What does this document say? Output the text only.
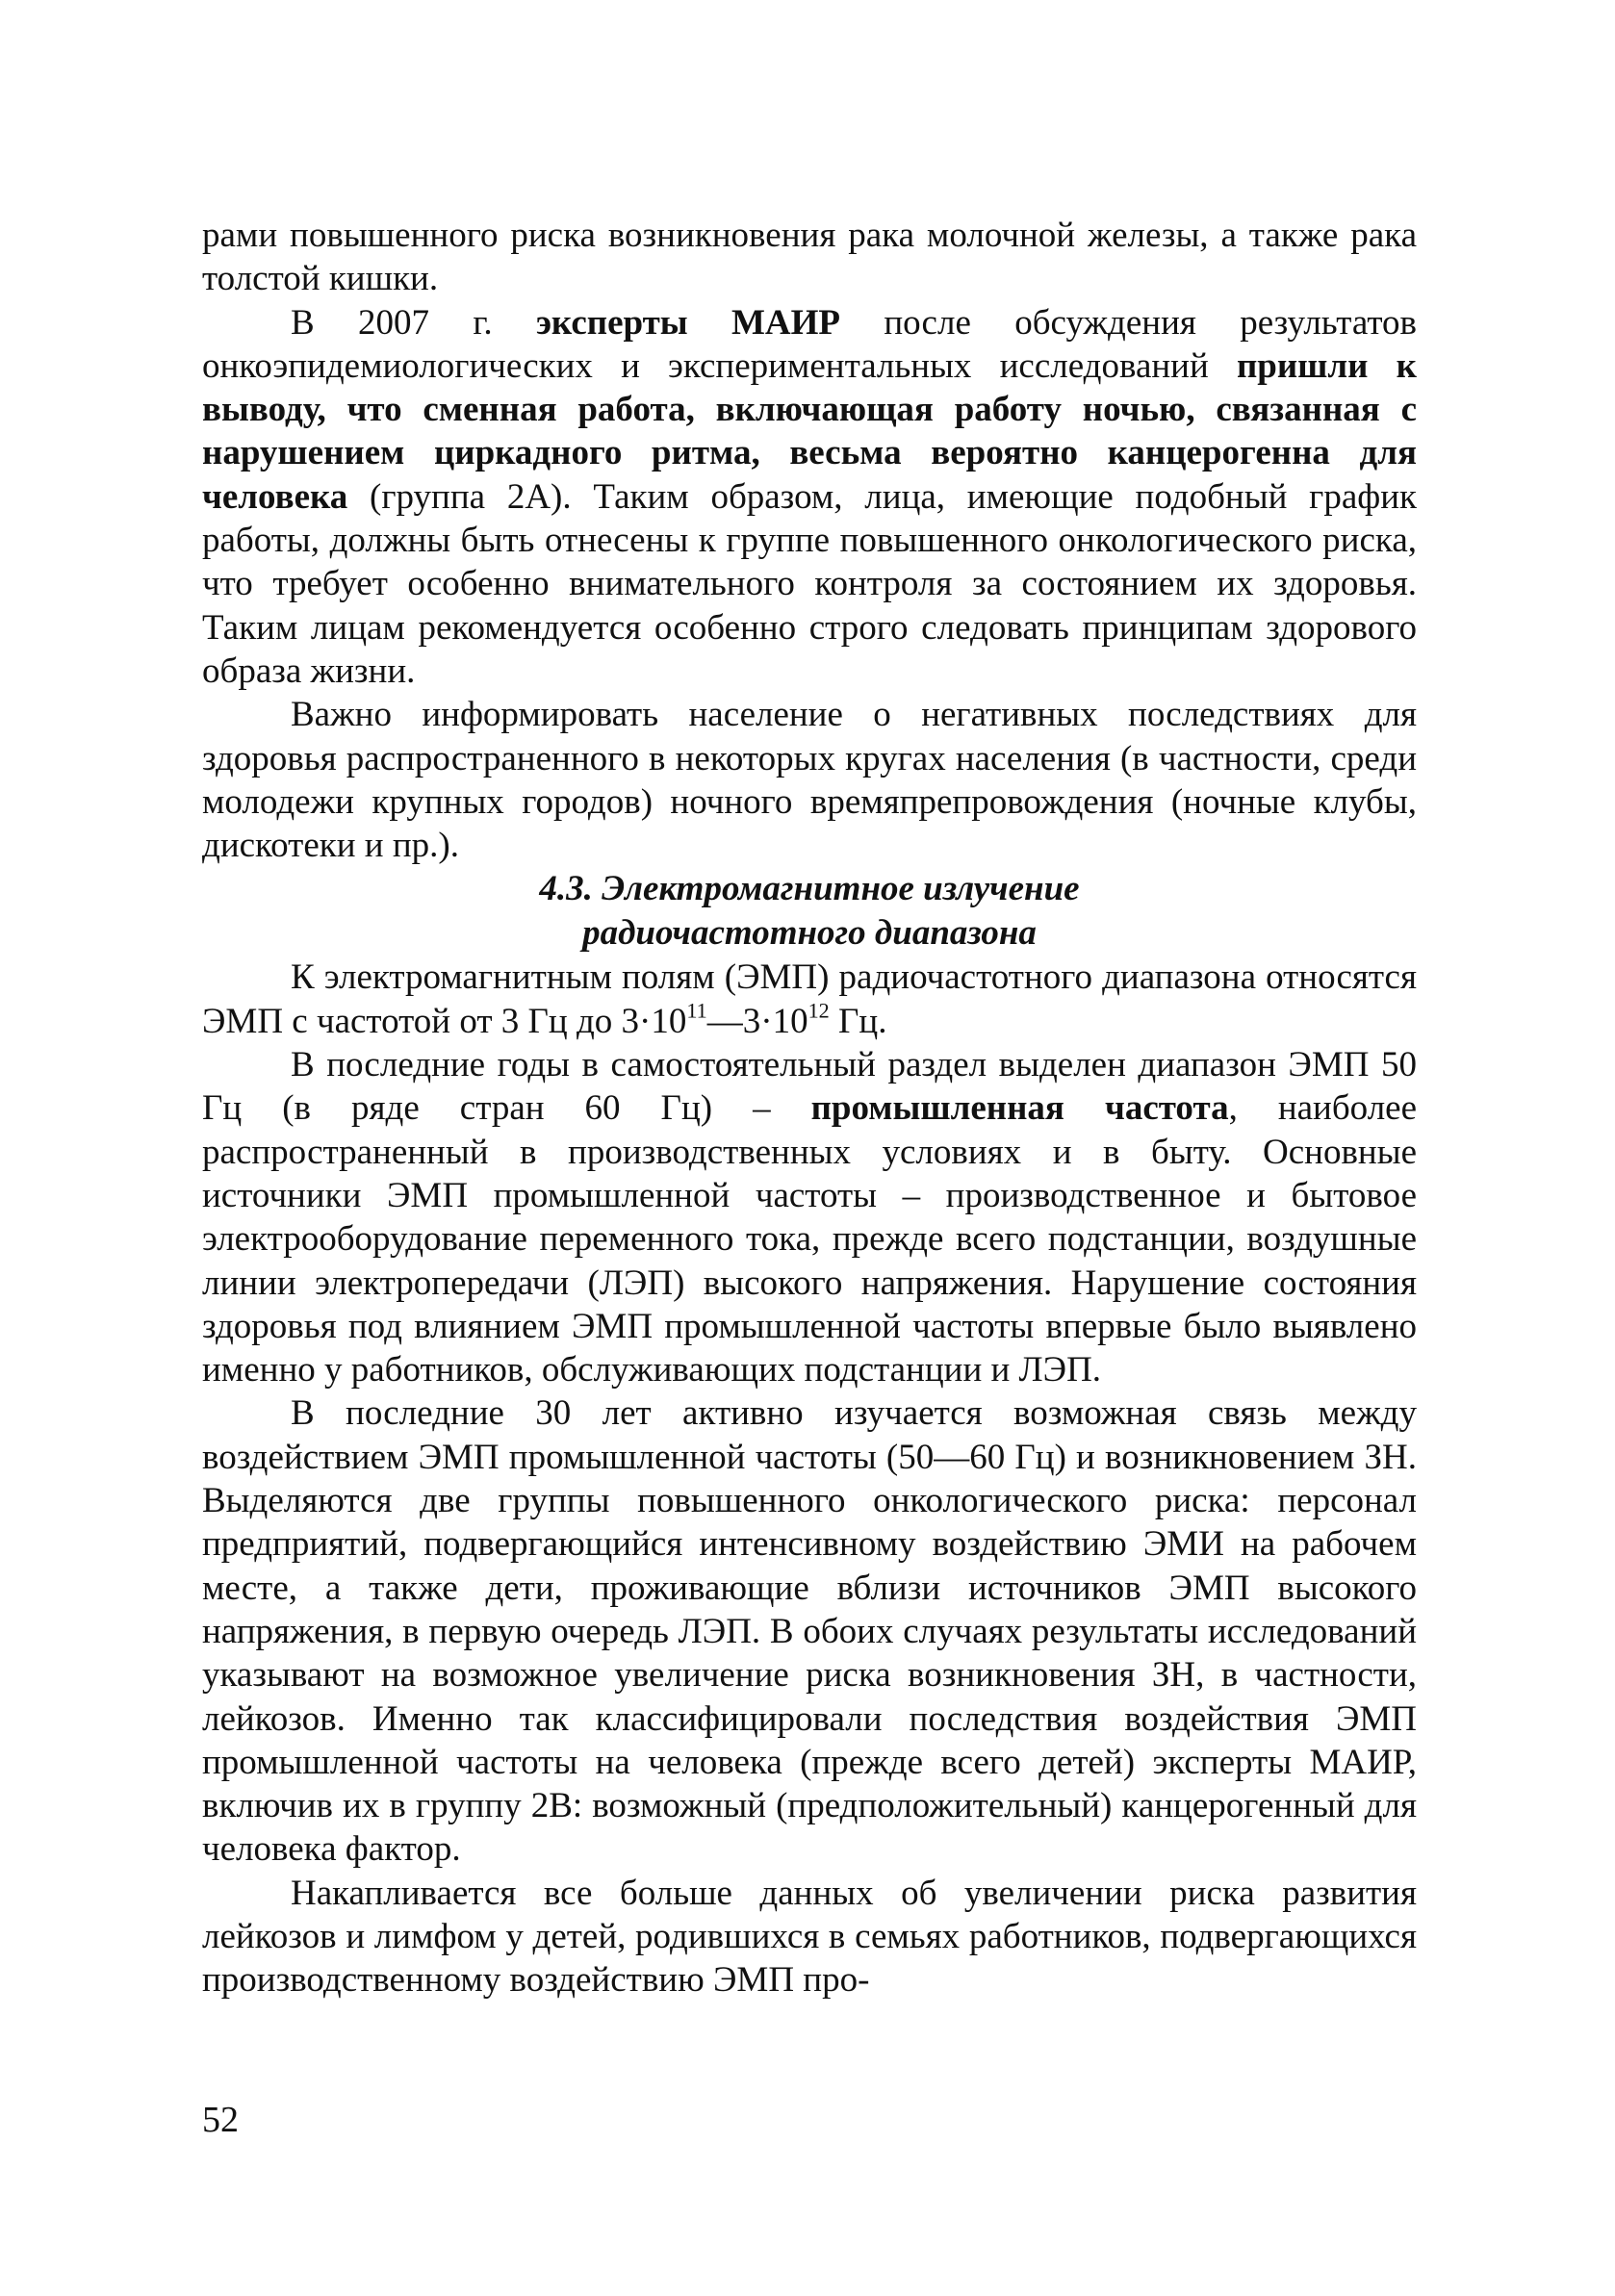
рами повышенного риска возникновения рака молочной железы, а также рака толстой кишки.

В 2007 г. эксперты МАИР после обсуждения результатов онкоэпидемиологических и экспериментальных исследований пришли к выводу, что сменная работа, включающая работу ночью, связанная с нарушением циркадного ритма, весьма вероятно канцерогенна для человека (группа 2А). Таким образом, лица, имеющие подобный график работы, должны быть отнесены к группе повышенного онкологического риска, что требует особенно внимательного контроля за состоянием их здоровья. Таким лицам рекомендуется особенно строго следовать принципам здорового образа жизни.

Важно информировать население о негативных последствиях для здоровья распространенного в некоторых кругах населения (в частности, среди молодежи крупных городов) ночного времяпрепровождения (ночные клубы, дискотеки и пр.).

4.3. Электромагнитное излучение
радиочастотного диапазона

К электромагнитным полям (ЭМП) радиочастотного диапазона относятся ЭМП с частотой от 3 Гц до $3\cdot 10^{11}—3\cdot 10^{12}$ Гц.

В последние годы в самостоятельный раздел выделен диапазон ЭМП 50 Гц (в ряде стран 60 Гц) – промышленная частота, наиболее распространенный в производственных условиях и в быту. Основные источники ЭМП промышленной частоты – производственное и бытовое электрооборудование переменного тока, прежде всего подстанции, воздушные линии электропередачи (ЛЭП) высокого напряжения. Нарушение состояния здоровья под влиянием ЭМП промышленной частоты впервые было выявлено именно у работников, обслуживающих подстанции и ЛЭП.

В последние 30 лет активно изучается возможная связь между воздействием ЭМП промышленной частоты (50—60 Гц) и возникновением ЗН. Выделяются две группы повышенного онкологического риска: персонал предприятий, подвергающийся интенсивному воздействию ЭМИ на рабочем месте, а также дети, проживающие вблизи источников ЭМП высокого напряжения, в первую очередь ЛЭП. В обоих случаях результаты исследований указывают на возможное увеличение риска возникновения ЗН, в частности, лейкозов. Именно так классифицировали последствия воздействия ЭМП промышленной частоты на человека (прежде всего детей) эксперты МАИР, включив их в группу 2В: возможный (предположительный) канцерогенный для человека фактор.

Накапливается все больше данных об увеличении риска развития лейкозов и лимфом у детей, родившихся в семьях работников, подвергающихся производственному воздействию ЭМП про-

52
